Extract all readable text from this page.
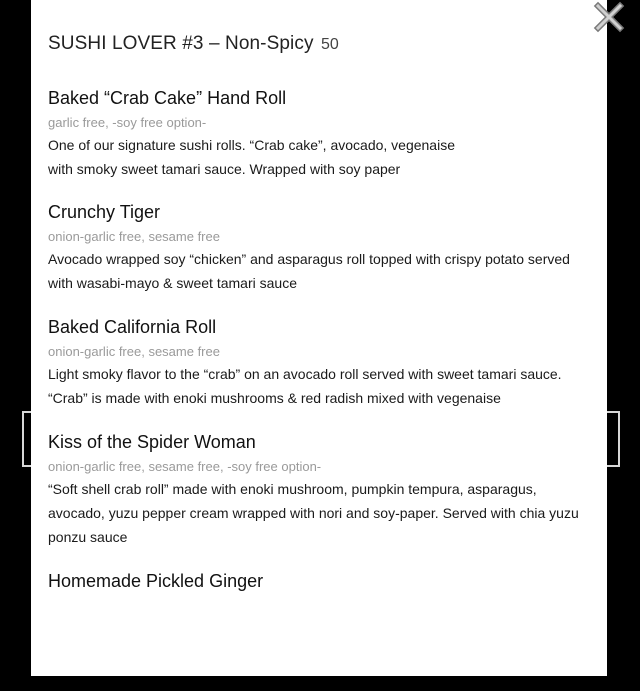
SUSHI LOVER #3 – Non-Spicy 50
Baked “Crab Cake” Hand Roll
garlic free, -soy free option-
One of our signature sushi rolls. “Crab cake”, avocado, vegenaise
with smoky sweet tamari sauce. Wrapped with soy paper
Crunchy Tiger
onion-garlic free, sesame free
Avocado wrapped soy “chicken” and asparagus roll topped with crispy potato served
with wasabi-mayo & sweet tamari sauce
Baked California Roll
onion-garlic free, sesame free
Light smoky flavor to the “crab” on an avocado roll served with sweet tamari sauce.
“Crab” is made with enoki mushrooms & red radish mixed with vegenaise
Kiss of the Spider Woman
onion-garlic free, sesame free, -soy free option-
“Soft shell crab roll” made with enoki mushroom, pumpkin tempura, asparagus,
avocado, yuzu pepper cream wrapped with nori and soy-paper. Served with chia yuzu
ponzu sauce
Homemade Pickled Ginger
